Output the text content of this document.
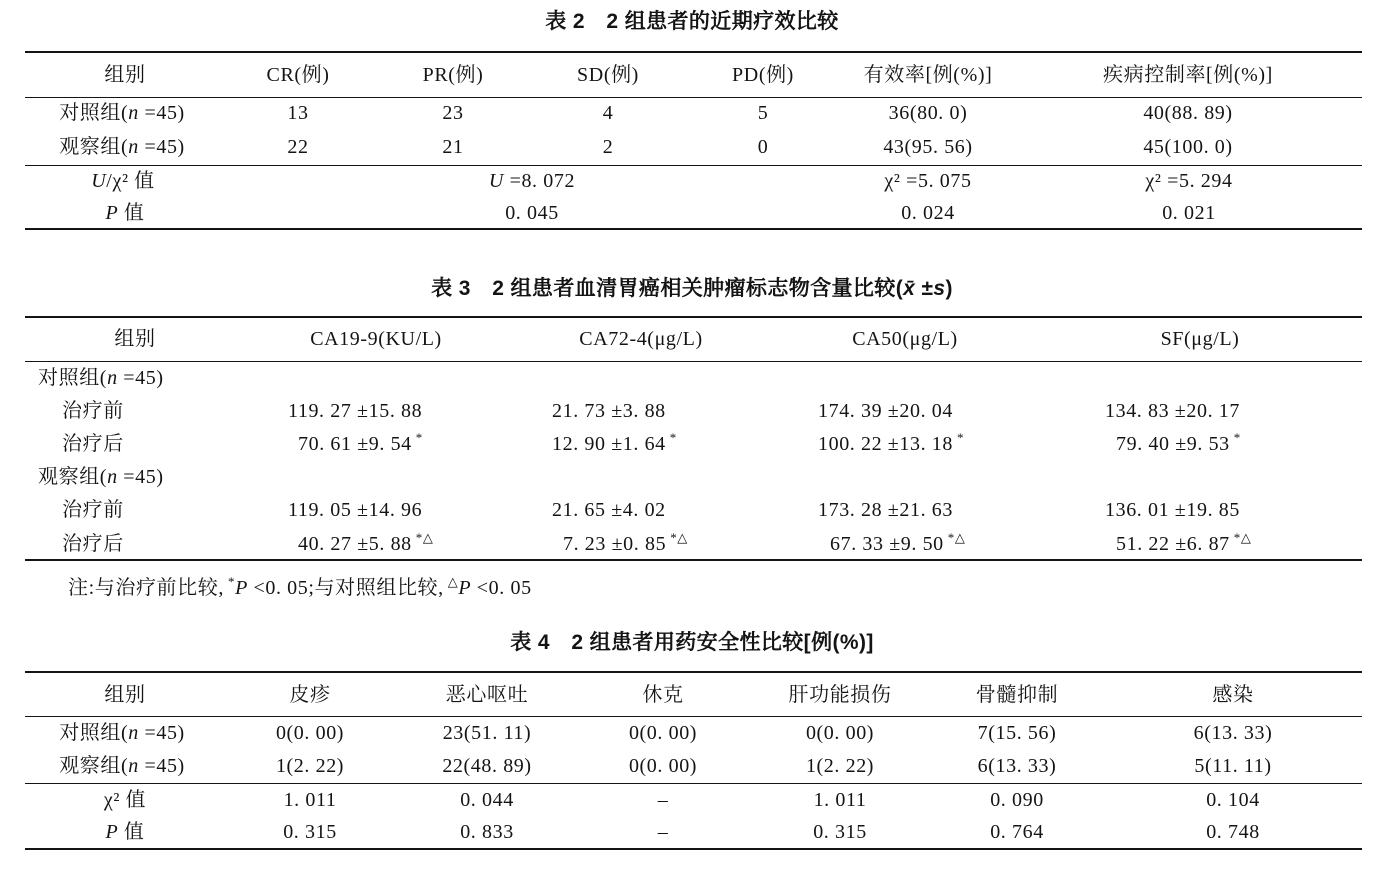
表 2　2 组患者的近期疗效比较
组别	CR(例)	PR(例)	SD(例)	PD(例)	有效率[例(%)]	疾病控制率[例(%)]
对照组(n =45)	13	23	4	5	36(80. 0)	40(88. 89)
观察组(n =45)	22	21	2	0	43(95. 56)	45(100. 0)
U/χ² 值	U =8. 072	χ² =5. 075	χ² =5. 294
P 值	0. 045	0. 024	0. 021
表 3　2 组患者血清胃癌相关肿瘤标志物含量比较(x̄ ±s)
组别	CA19-9(KU/L)	CA72-4(μg/L)	CA50(μg/L)	SF(μg/L)
对照组(n =45)
治疗前	119. 27 ±15. 88	21. 73 ±3. 88	174. 39 ±20. 04	134. 83 ±20. 17
治疗后	70. 61 ±9. 54 *	12. 90 ±1. 64 *	100. 22 ±13. 18 *	79. 40 ±9. 53 *
观察组(n =45)
治疗前	119. 05 ±14. 96	21. 65 ±4. 02	173. 28 ±21. 63	136. 01 ±19. 85
治疗后	40. 27 ±5. 88 *△	7. 23 ±0. 85 *△	67. 33 ±9. 50 *△	51. 22 ±6. 87 *△
注:与治疗前比较, *P <0. 05;与对照组比较, △P <0. 05
表 4　2 组患者用药安全性比较[例(%)]
组别	皮疹	恶心呕吐	休克	肝功能损伤	骨髓抑制	感染
对照组(n =45)	0(0. 00)	23(51. 11)	0(0. 00)	0(0. 00)	7(15. 56)	6(13. 33)
观察组(n =45)	1(2. 22)	22(48. 89)	0(0. 00)	1(2. 22)	6(13. 33)	5(11. 11)
χ² 值	1. 011	0. 044	–	1. 011	0. 090	0. 104
P 值	0. 315	0. 833	–	0. 315	0. 764	0. 748
